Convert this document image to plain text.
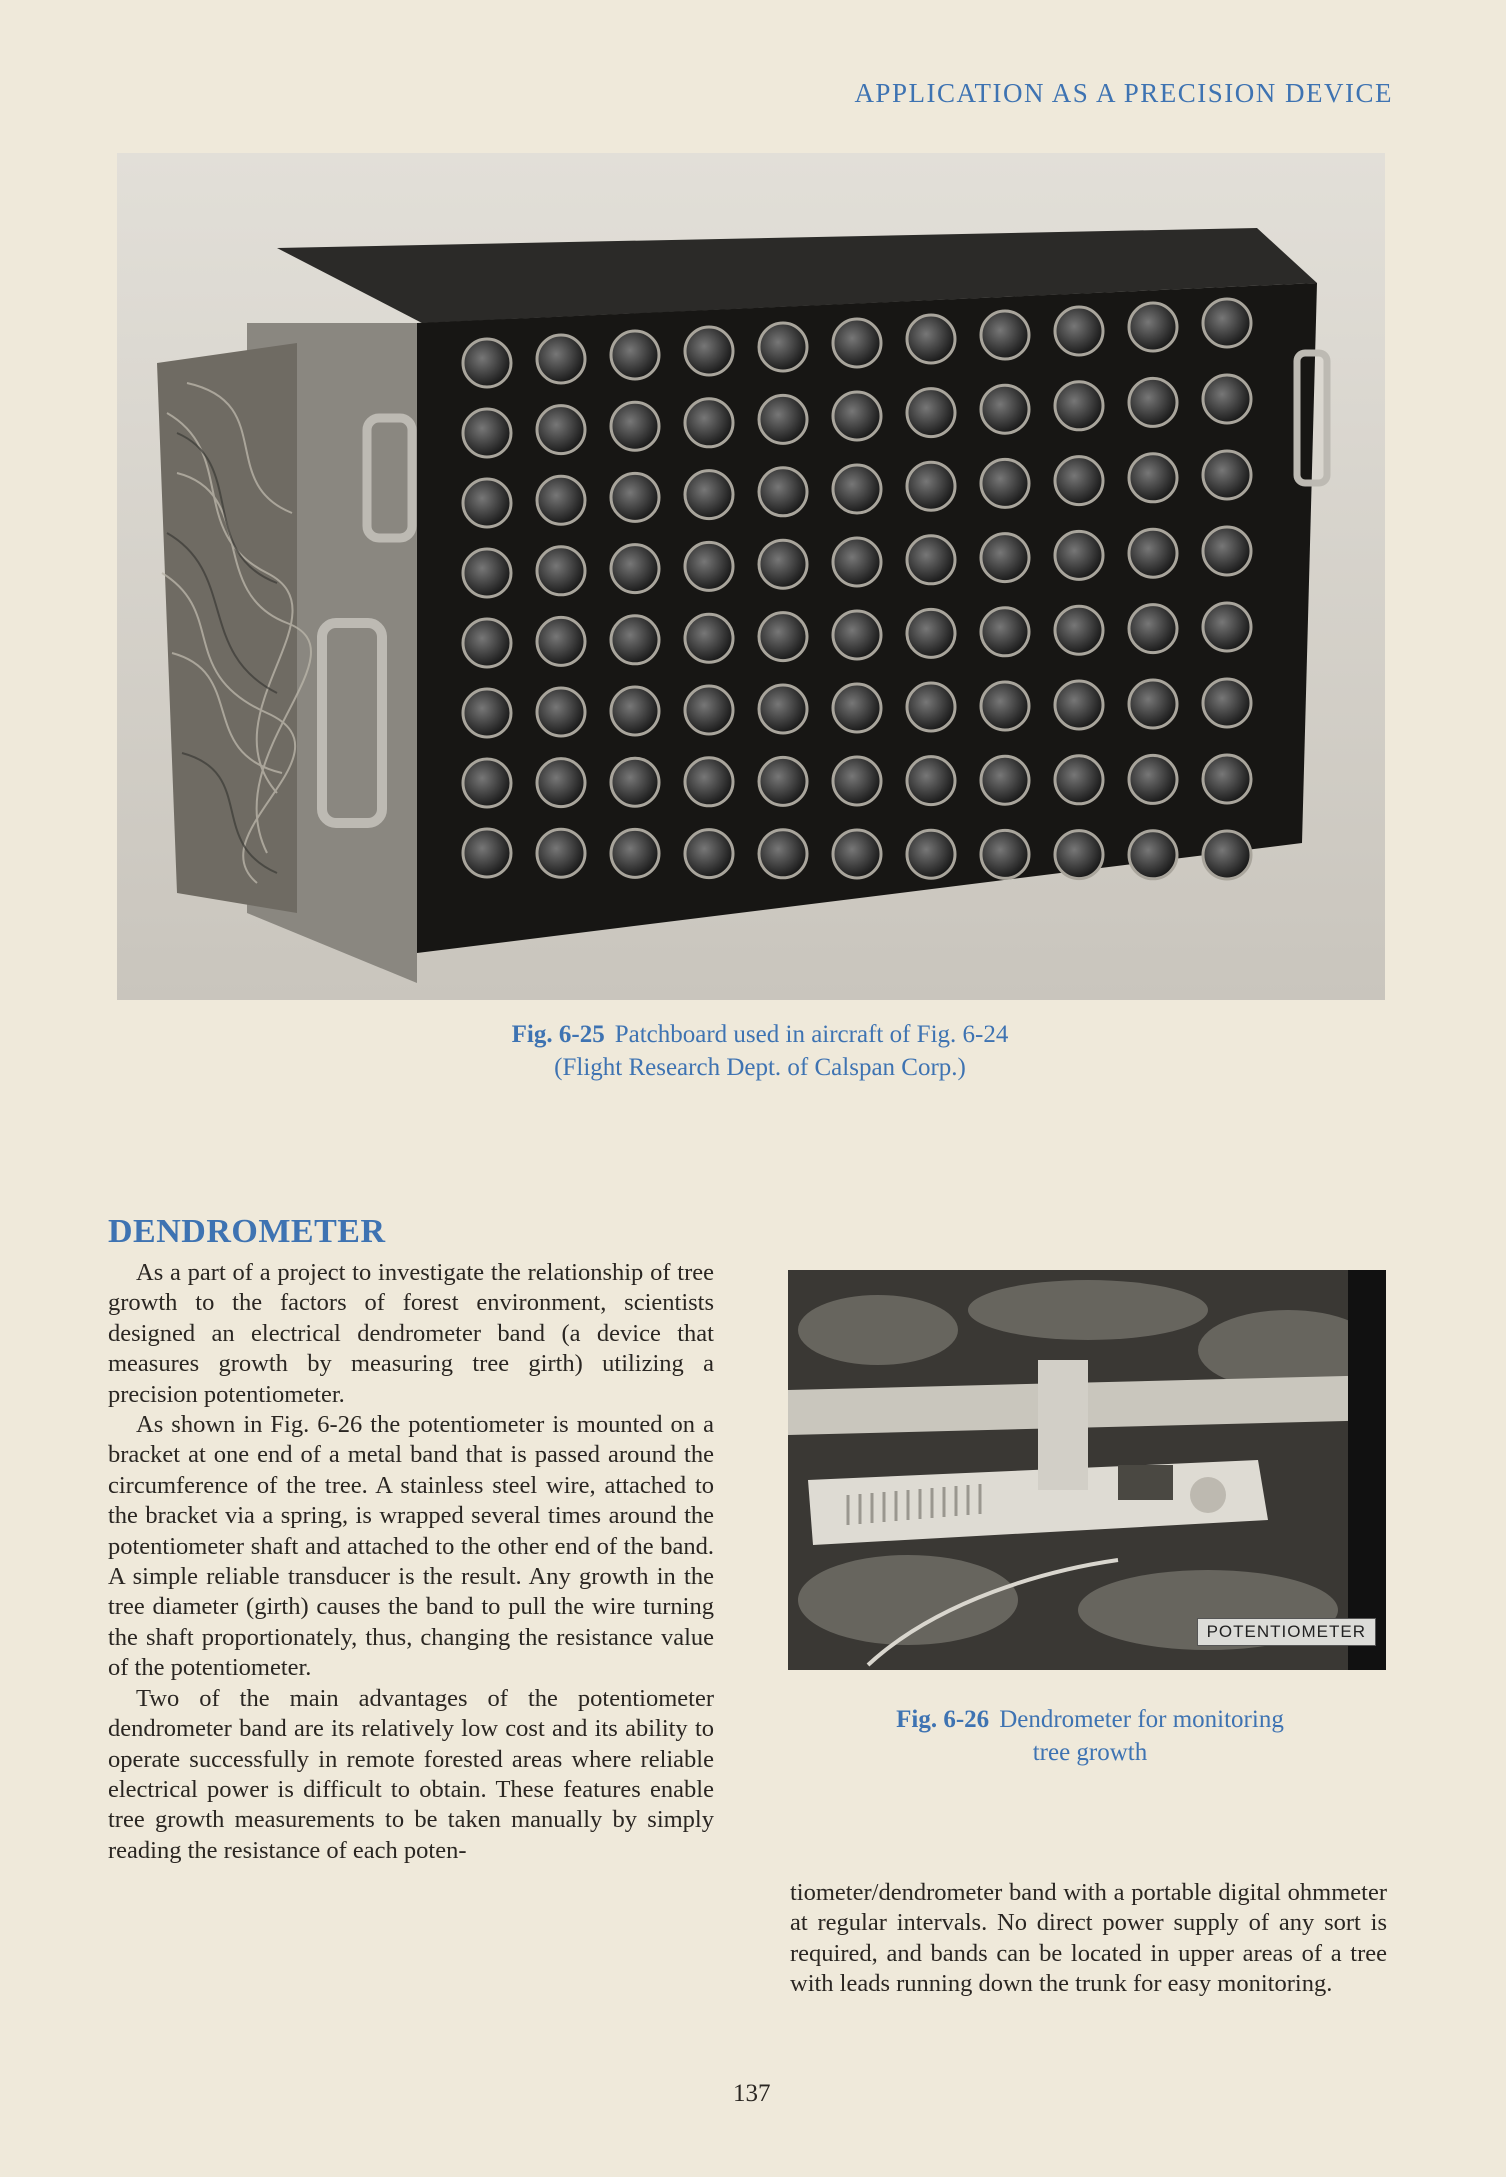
APPLICATION AS A PRECISION DEVICE
Fig. 6-25 Patchboard used in aircraft of Fig. 6-24
(Flight Research Dept. of Calspan Corp.)
DENDROMETER

As a part of a project to investigate the relationship of tree growth to the factors of forest environment, scientists designed an electrical dendrometer band (a device that measures growth by measuring tree girth) utilizing a precision potentiometer.

As shown in Fig. 6-26 the potentiometer is mounted on a bracket at one end of a metal band that is passed around the circumference of the tree. A stainless steel wire, attached to the bracket via a spring, is wrapped several times around the potentiometer shaft and attached to the other end of the band. A simple reliable transducer is the result. Any growth in the tree diameter (girth) causes the band to pull the wire turning the shaft proportionately, thus, changing the resistance value of the potentiometer.

Two of the main advantages of the potentiometer dendrometer band are its relatively low cost and its ability to operate successfully in remote forested areas where reliable electrical power is difficult to obtain. These features enable tree growth measurements to be taken manually by simply reading the resistance of each poten-

POTENTIOMETER
Fig. 6-26 Dendrometer for monitoring
tree growth

tiometer/dendrometer band with a portable digital ohmmeter at regular intervals. No direct power supply of any sort is required, and bands can be located in upper areas of a tree with leads running down the trunk for easy monitoring.

137
